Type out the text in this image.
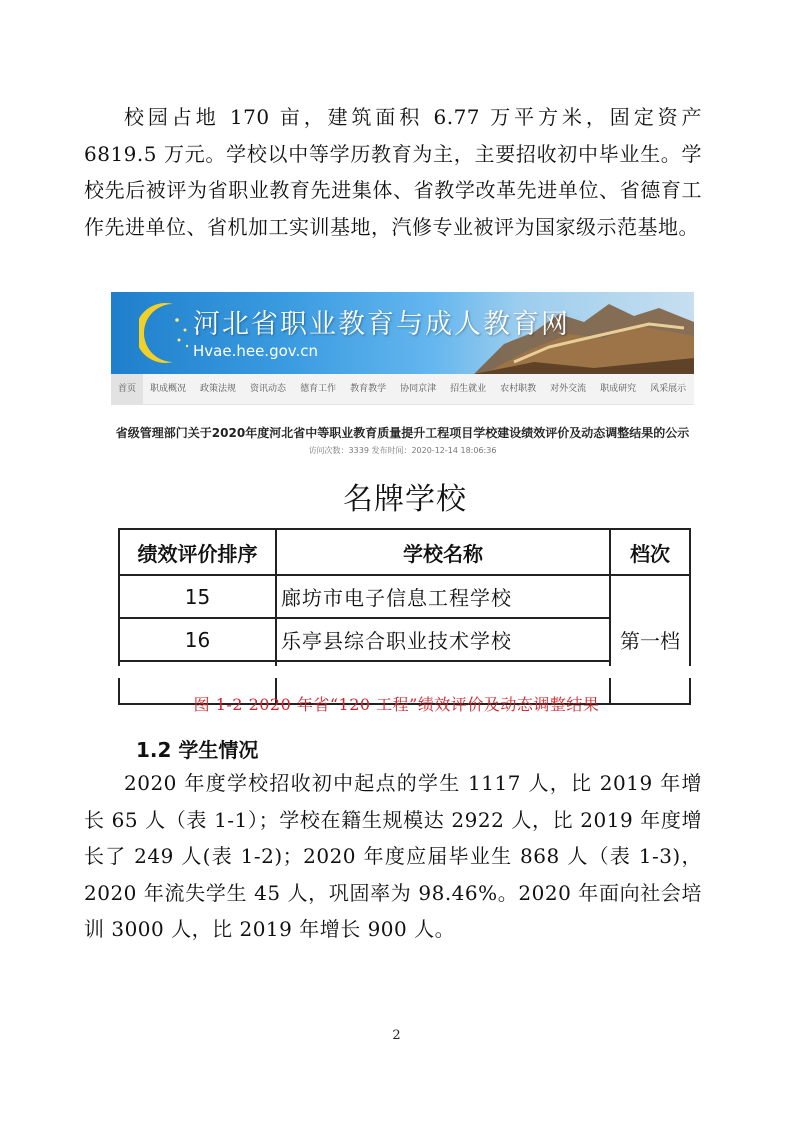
校园占地 170 亩，建筑面积 6.77 万平方米，固定资产 6819.5 万元。学校以中等学历教育为主，主要招收初中毕业生。学校先后被评为省职业教育先进集体、省教学改革先进单位、省德育工作先进单位、省机加工实训基地，汽修专业被评为国家级示范基地。

河北省职业教育与成人教育网
Hvae.hee.gov.cn
首页	职成概况	政策法规	资讯动态	德育工作	教育教学	协同京津	招生就业	农村职教	对外交流	职成研究	风采展示
省级管理部门关于2020年度河北省中等职业教育质量提升工程项目学校建设绩效评价及动态调整结果的公示
访问次数：3339 发布时间：2020-12-14 18:06:36
名牌学校
绩效评价排序	学校名称	档次
15	廊坊市电子信息工程学校	第一档
16	乐亭县综合职业技术学校	

图 1-2 2020 年省“120 工程”绩效评价及动态调整结果
1.2 学生情况

2020 年度学校招收初中起点的学生 1117 人，比 2019 年增长 65 人（表 1-1）；学校在籍生规模达 2922 人，比 2019 年度增长了 249 人(表 1-2)；2020 年度应届毕业生 868 人（表 1-3)，2020 年流失学生 45 人，巩固率为 98.46%。2020 年面向社会培训 3000 人，比 2019 年增长 900 人。

2
